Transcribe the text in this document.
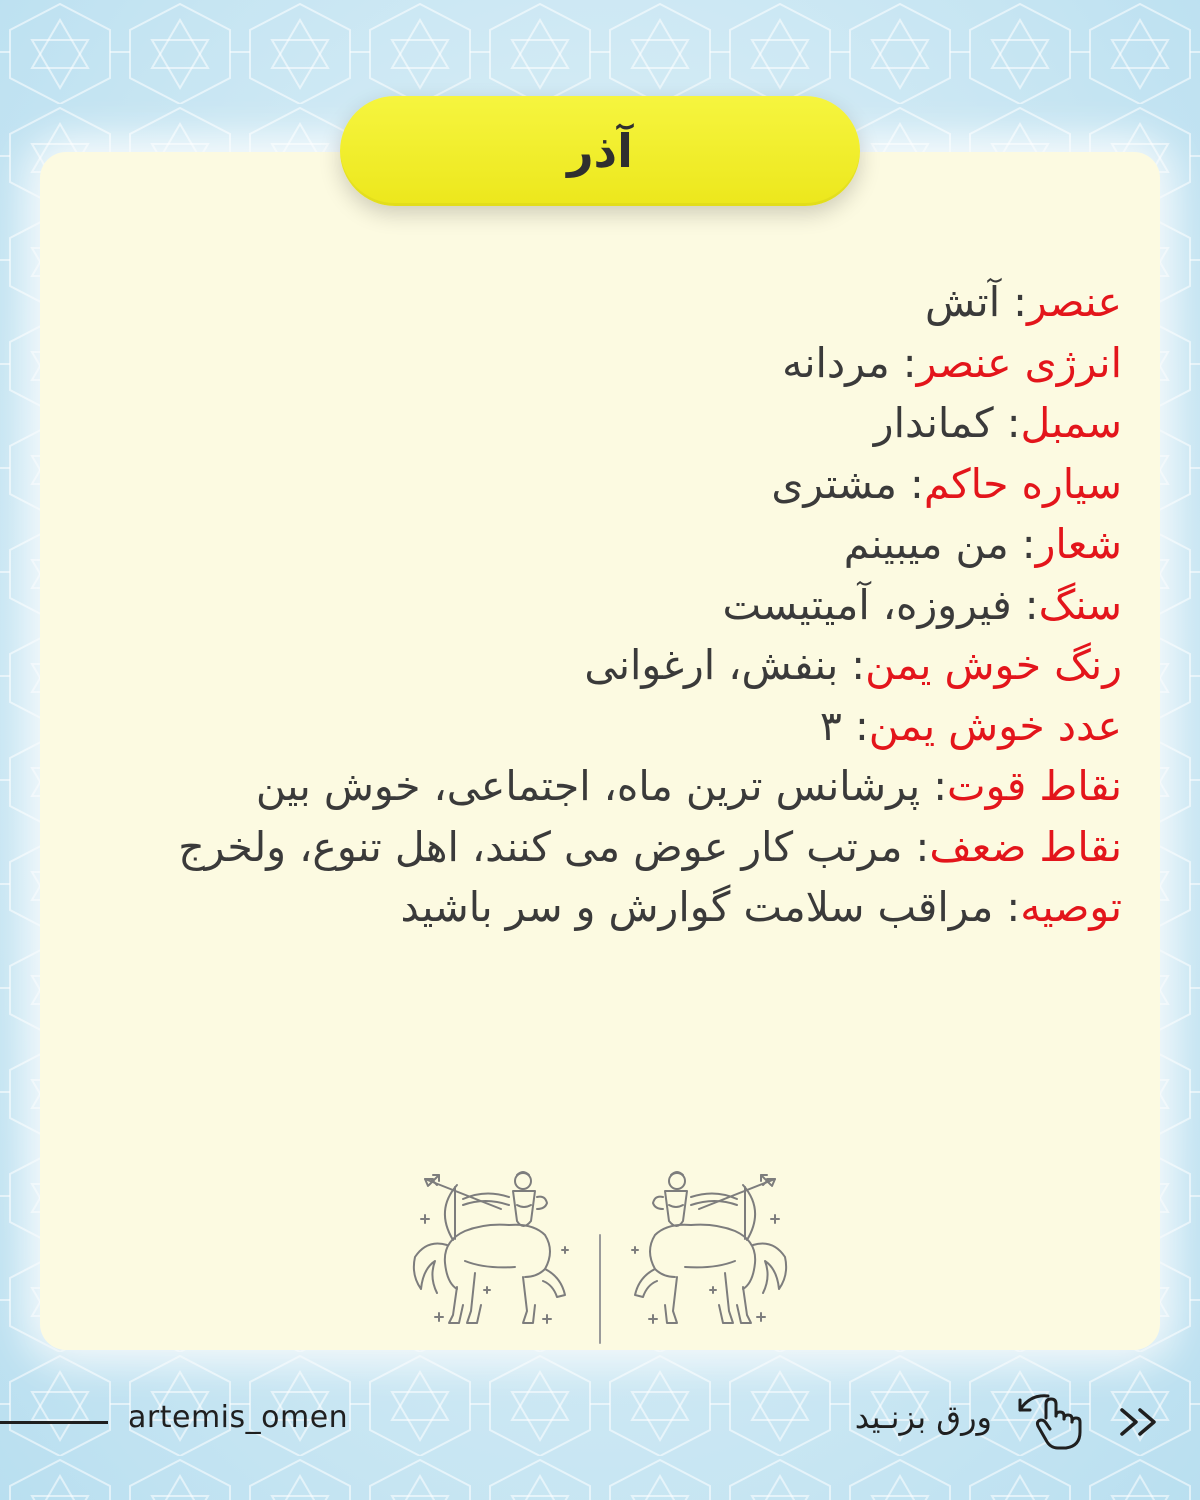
آذر
عنصر: آتش
انرژی عنصر: مردانه
سمبل: کماندار
سیاره حاکم: مشتری
شعار: من میبینم
سنگ: فیروزه، آمیتیست
رنگ خوش یمن: بنفش، ارغوانی
عدد خوش یمن: ۳
نقاط قوت: پرشانس ترین ماه، اجتماعی، خوش بین
نقاط ضعف: مرتب کار عوض می کنند، اهل تنوع، ولخرج
توصیه: مراقب سلامت گوارش و سر باشید
artemis_omen	ورق بزنـید
